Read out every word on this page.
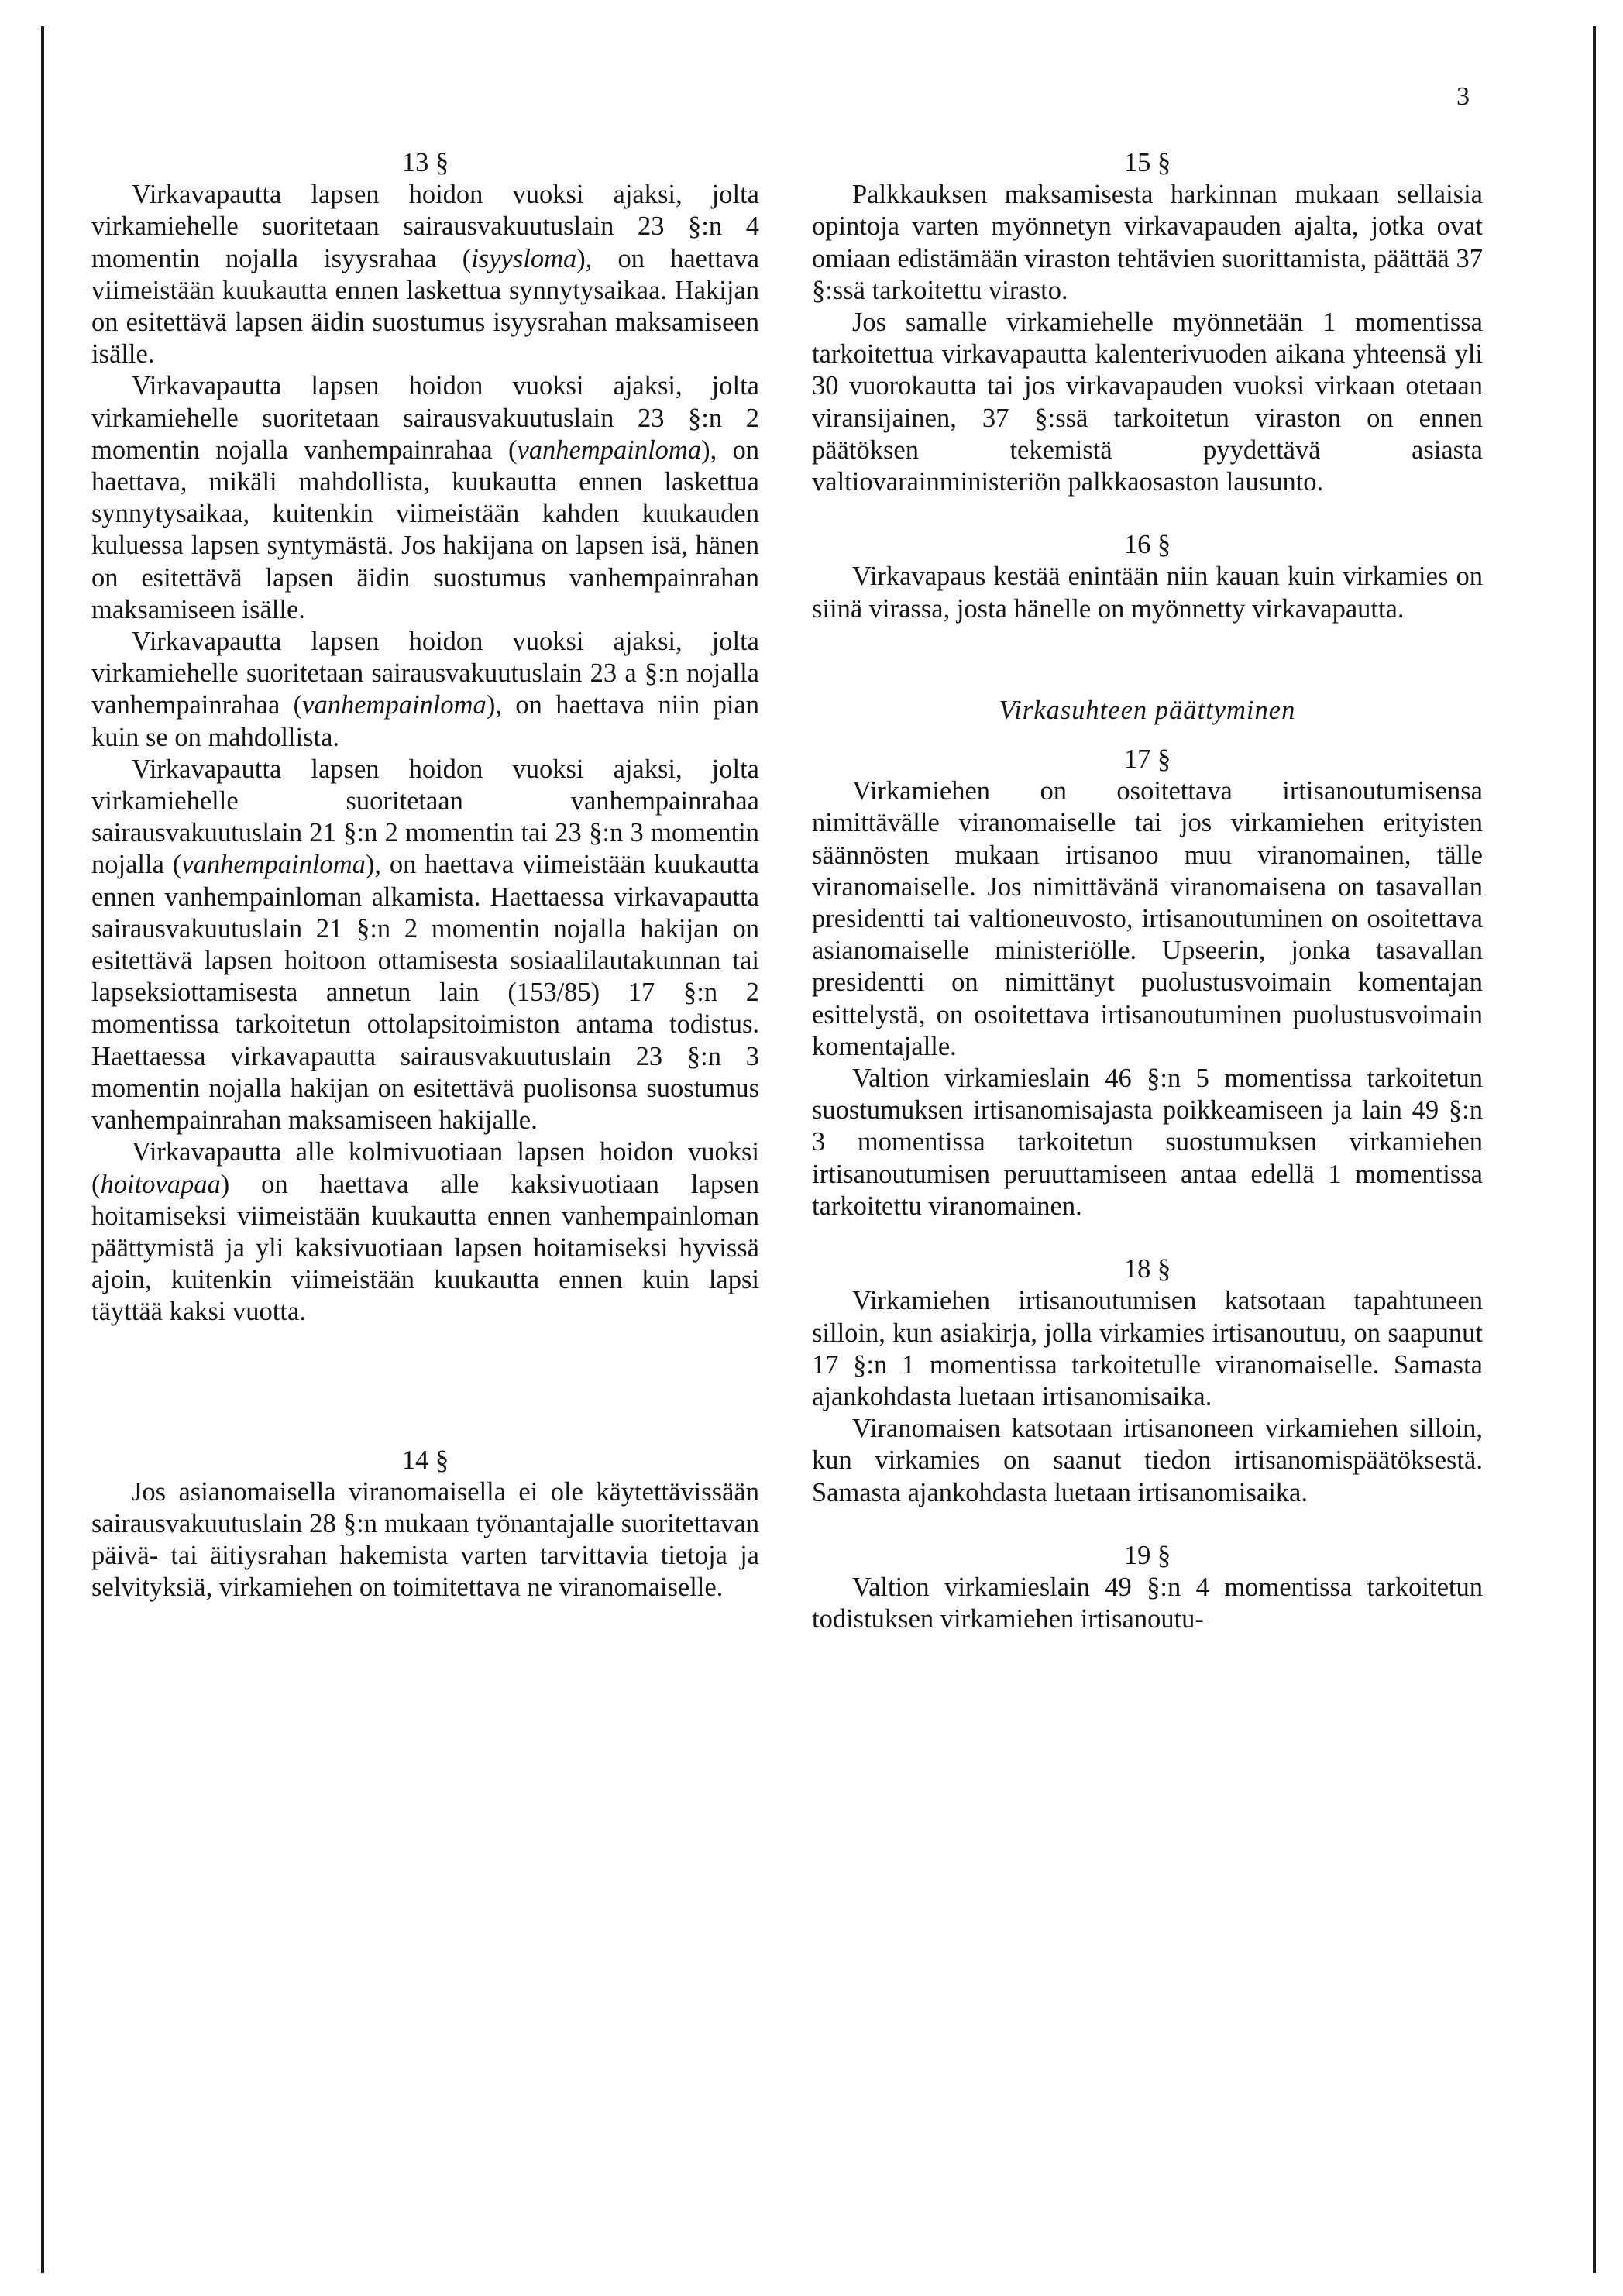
3
13 §

Virkavapautta lapsen hoidon vuoksi ajaksi, jolta virkamiehelle suoritetaan sairausvakuutuslain 23 §:n 4 momentin nojalla isyysrahaa (isyysloma), on haettava viimeistään kuukautta ennen laskettua synnytysaikaa. Hakijan on esitettävä lapsen äidin suostumus isyysrahan maksamiseen isälle.

Virkavapautta lapsen hoidon vuoksi ajaksi, jolta virkamiehelle suoritetaan sairausvakuutuslain 23 §:n 2 momentin nojalla vanhempainrahaa (vanhempainloma), on haettava, mikäli mahdollista, kuukautta ennen laskettua synnytysaikaa, kuitenkin viimeistään kahden kuukauden kuluessa lapsen syntymästä. Jos hakijana on lapsen isä, hänen on esitettävä lapsen äidin suostumus vanhempainrahan maksamiseen isälle.

Virkavapautta lapsen hoidon vuoksi ajaksi, jolta virkamiehelle suoritetaan sairausvakuutuslain 23 a §:n nojalla vanhempainrahaa (vanhempainloma), on haettava niin pian kuin se on mahdollista.

Virkavapautta lapsen hoidon vuoksi ajaksi, jolta virkamiehelle suoritetaan vanhempainrahaa sairausvakuutuslain 21 §:n 2 momentin tai 23 §:n 3 momentin nojalla (vanhempainloma), on haettava viimeistään kuukautta ennen vanhempainloman alkamista. Haettaessa virkavapautta sairausvakuutuslain 21 §:n 2 momentin nojalla hakijan on esitettävä lapsen hoitoon ottamisesta sosiaalilautakunnan tai lapseksiottamisesta annetun lain (153/85) 17 §:n 2 momentissa tarkoitetun ottolapsitoimiston antama todistus. Haettaessa virkavapautta sairausvakuutuslain 23 §:n 3 momentin nojalla hakijan on esitettävä puolisonsa suostumus vanhempainrahan maksamiseen hakijalle.

Virkavapautta alle kolmivuotiaan lapsen hoidon vuoksi (hoitovapaa) on haettava alle kaksivuotiaan lapsen hoitamiseksi viimeistään kuukautta ennen vanhempainloman päättymistä ja yli kaksivuotiaan lapsen hoitamiseksi hyvissä ajoin, kuitenkin viimeistään kuukautta ennen kuin lapsi täyttää kaksi vuotta.

14 §

Jos asianomaisella viranomaisella ei ole käytettävissään sairausvakuutuslain 28 §:n mukaan työnantajalle suoritettavan päivä- tai äitiysrahan hakemista varten tarvittavia tietoja ja selvityksiä, virkamiehen on toimitettava ne viranomaiselle.

15 §

Palkkauksen maksamisesta harkinnan mukaan sellaisia opintoja varten myönnetyn virkavapauden ajalta, jotka ovat omiaan edistämään viraston tehtävien suorittamista, päättää 37 §:ssä tarkoitettu virasto.

Jos samalle virkamiehelle myönnetään 1 momentissa tarkoitettua virkavapautta kalenterivuoden aikana yhteensä yli 30 vuorokautta tai jos virkavapauden vuoksi virkaan otetaan viransijainen, 37 §:ssä tarkoitetun viraston on ennen päätöksen tekemistä pyydettävä asiasta valtiovarainministeriön palkkaosaston lausunto.

16 §

Virkavapaus kestää enintään niin kauan kuin virkamies on siinä virassa, josta hänelle on myönnetty virkavapautta.

Virkasuhteen päättyminen
17 §

Virkamiehen on osoitettava irtisanoutumisensa nimittävälle viranomaiselle tai jos virkamiehen erityisten säännösten mukaan irtisanoo muu viranomainen, tälle viranomaiselle. Jos nimittävänä viranomaisena on tasavallan presidentti tai valtioneuvosto, irtisanoutuminen on osoitettava asianomaiselle ministeriölle. Upseerin, jonka tasavallan presidentti on nimittänyt puolustusvoimain komentajan esittelystä, on osoitettava irtisanoutuminen puolustusvoimain komentajalle.

Valtion virkamieslain 46 §:n 5 momentissa tarkoitetun suostumuksen irtisanomisajasta poikkeamiseen ja lain 49 §:n 3 momentissa tarkoitetun suostumuksen virkamiehen irtisanoutumisen peruuttamiseen antaa edellä 1 momentissa tarkoitettu viranomainen.

18 §

Virkamiehen irtisanoutumisen katsotaan tapahtuneen silloin, kun asiakirja, jolla virkamies irtisanoutuu, on saapunut 17 §:n 1 momentissa tarkoitetulle viranomaiselle. Samasta ajankohdasta luetaan irtisanomisaika.

Viranomaisen katsotaan irtisanoneen virkamiehen silloin, kun virkamies on saanut tiedon irtisanomispäätöksestä. Samasta ajankohdasta luetaan irtisanomisaika.

19 §

Valtion virkamieslain 49 §:n 4 momentissa tarkoitetun todistuksen virkamiehen irtisanoutu-
